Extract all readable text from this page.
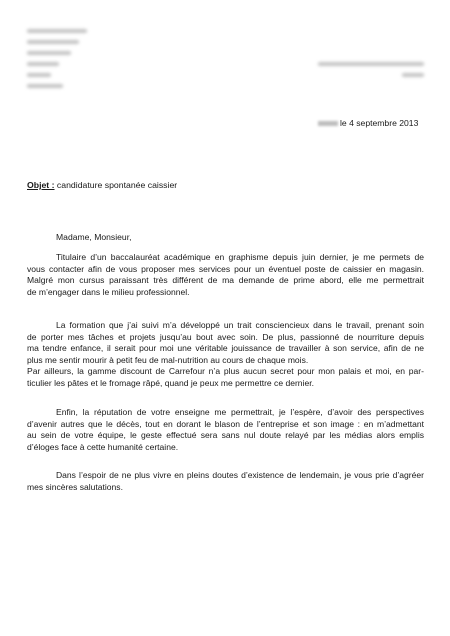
le 4 septembre 2013
Objet : candidature spontanée caissier
Madame, Monsieur,
Titulaire d’un baccalauréat académique en graphisme depuis juin dernier, je me permets de
vous contacter afin de vous proposer mes services pour un éventuel poste de caissier en magasin.
Malgré mon cursus paraissant très différent de ma demande de prime abord, elle me permettrait
de m’engager dans le milieu professionnel.
La formation que j’ai suivi m’a développé un trait consciencieux dans le travail, prenant soin
de porter mes tâches et projets jusqu’au bout avec soin. De plus, passionné de nourriture depuis
ma tendre enfance, il serait pour moi une véritable jouissance de travailler à son service, afin de ne
plus me sentir mourir à petit feu de mal-nutrition au cours de chaque mois.
Par ailleurs, la gamme discount de Carrefour n’a plus aucun secret pour mon palais et moi, en par-
ticulier les pâtes et le fromage râpé, quand je peux me permettre ce dernier.
Enfin, la réputation de votre enseigne me permettrait, je l’espère, d’avoir des perspectives
d’avenir autres que le décès, tout en dorant le blason de l’entreprise et son image : en m’admettant
au sein de votre équipe, le geste effectué sera sans nul doute relayé par les médias alors emplis
d’éloges face à cette humanité certaine.
Dans l’espoir de ne plus vivre en pleins doutes d’existence de lendemain, je vous prie d’agréer
mes sincères salutations.
